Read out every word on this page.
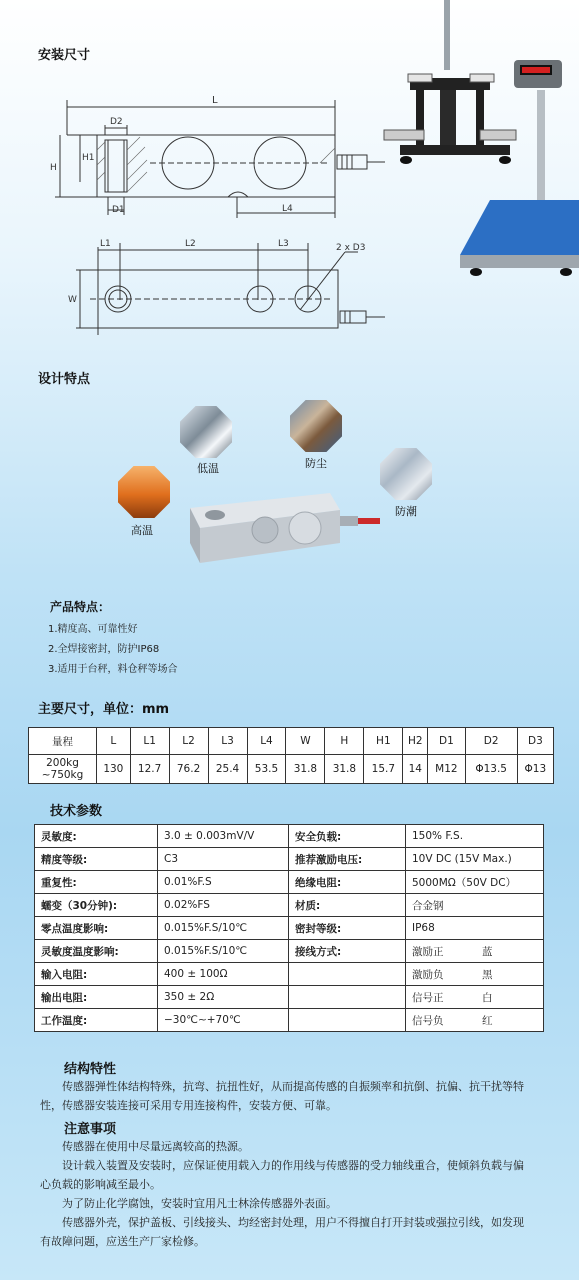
安装尺寸
L
D2
H
H1
D1	L4
L1	L2	L3
W
2 x D3
设计特点
低温	防尘
高温
防潮
产品特点：
1.精度高、可靠性好
2.全焊接密封，防护IP68
3.适用于台秤，料仓秤等场合
主要尺寸，单位：mm
量程	L	L1	L2	L3	L4	W	H	H1	H2	D1	D2	D3
200kg
~750kg	130	12.7	76.2	25.4	53.5	31.8	31.8	15.7	14	M12	Φ13.5	Φ13
技术参数
灵敏度:	3.0 ± 0.003mV/V	安全负载:	150% F.S.
精度等级:	C3	推荐激励电压:	10V DC (15V Max.)
重复性:	0.01%F.S	绝缘电阻:	5000MΩ（50V DC）
蠕变（30分钟):	0.02%FS	材质:	合金钢
零点温度影响:	0.015%F.S/10℃	密封等级:	IP68
灵敏度温度影响:	0.015%F.S/10℃	接线方式:	激励正 蓝
输入电阻:	400 ± 100Ω		激励负 黑
输出电阻:	350 ± 2Ω		信号正 白
工作温度:	−30℃∼+70℃		信号负 红
结构特性
传感器弹性体结构特殊，抗弯、抗扭性好，从而提高传感的自振频率和抗倒、抗偏、抗干扰等特
性，传感器安装连接可采用专用连接构件，安装方便、可靠。
注意事项
传感器在使用中尽量远离较高的热源。
设计载入装置及安装时，应保证使用载入力的作用线与传感器的受力轴线重合，使倾斜负载与偏
心负载的影响减至最小。
为了防止化学腐蚀，安装时宜用凡士林涂传感器外表面。
传感器外壳，保护盖板、引线接头、均经密封处理，用户不得擅自打开封装或强拉引线，如发现
有故障问题，应送生产厂家检修。
